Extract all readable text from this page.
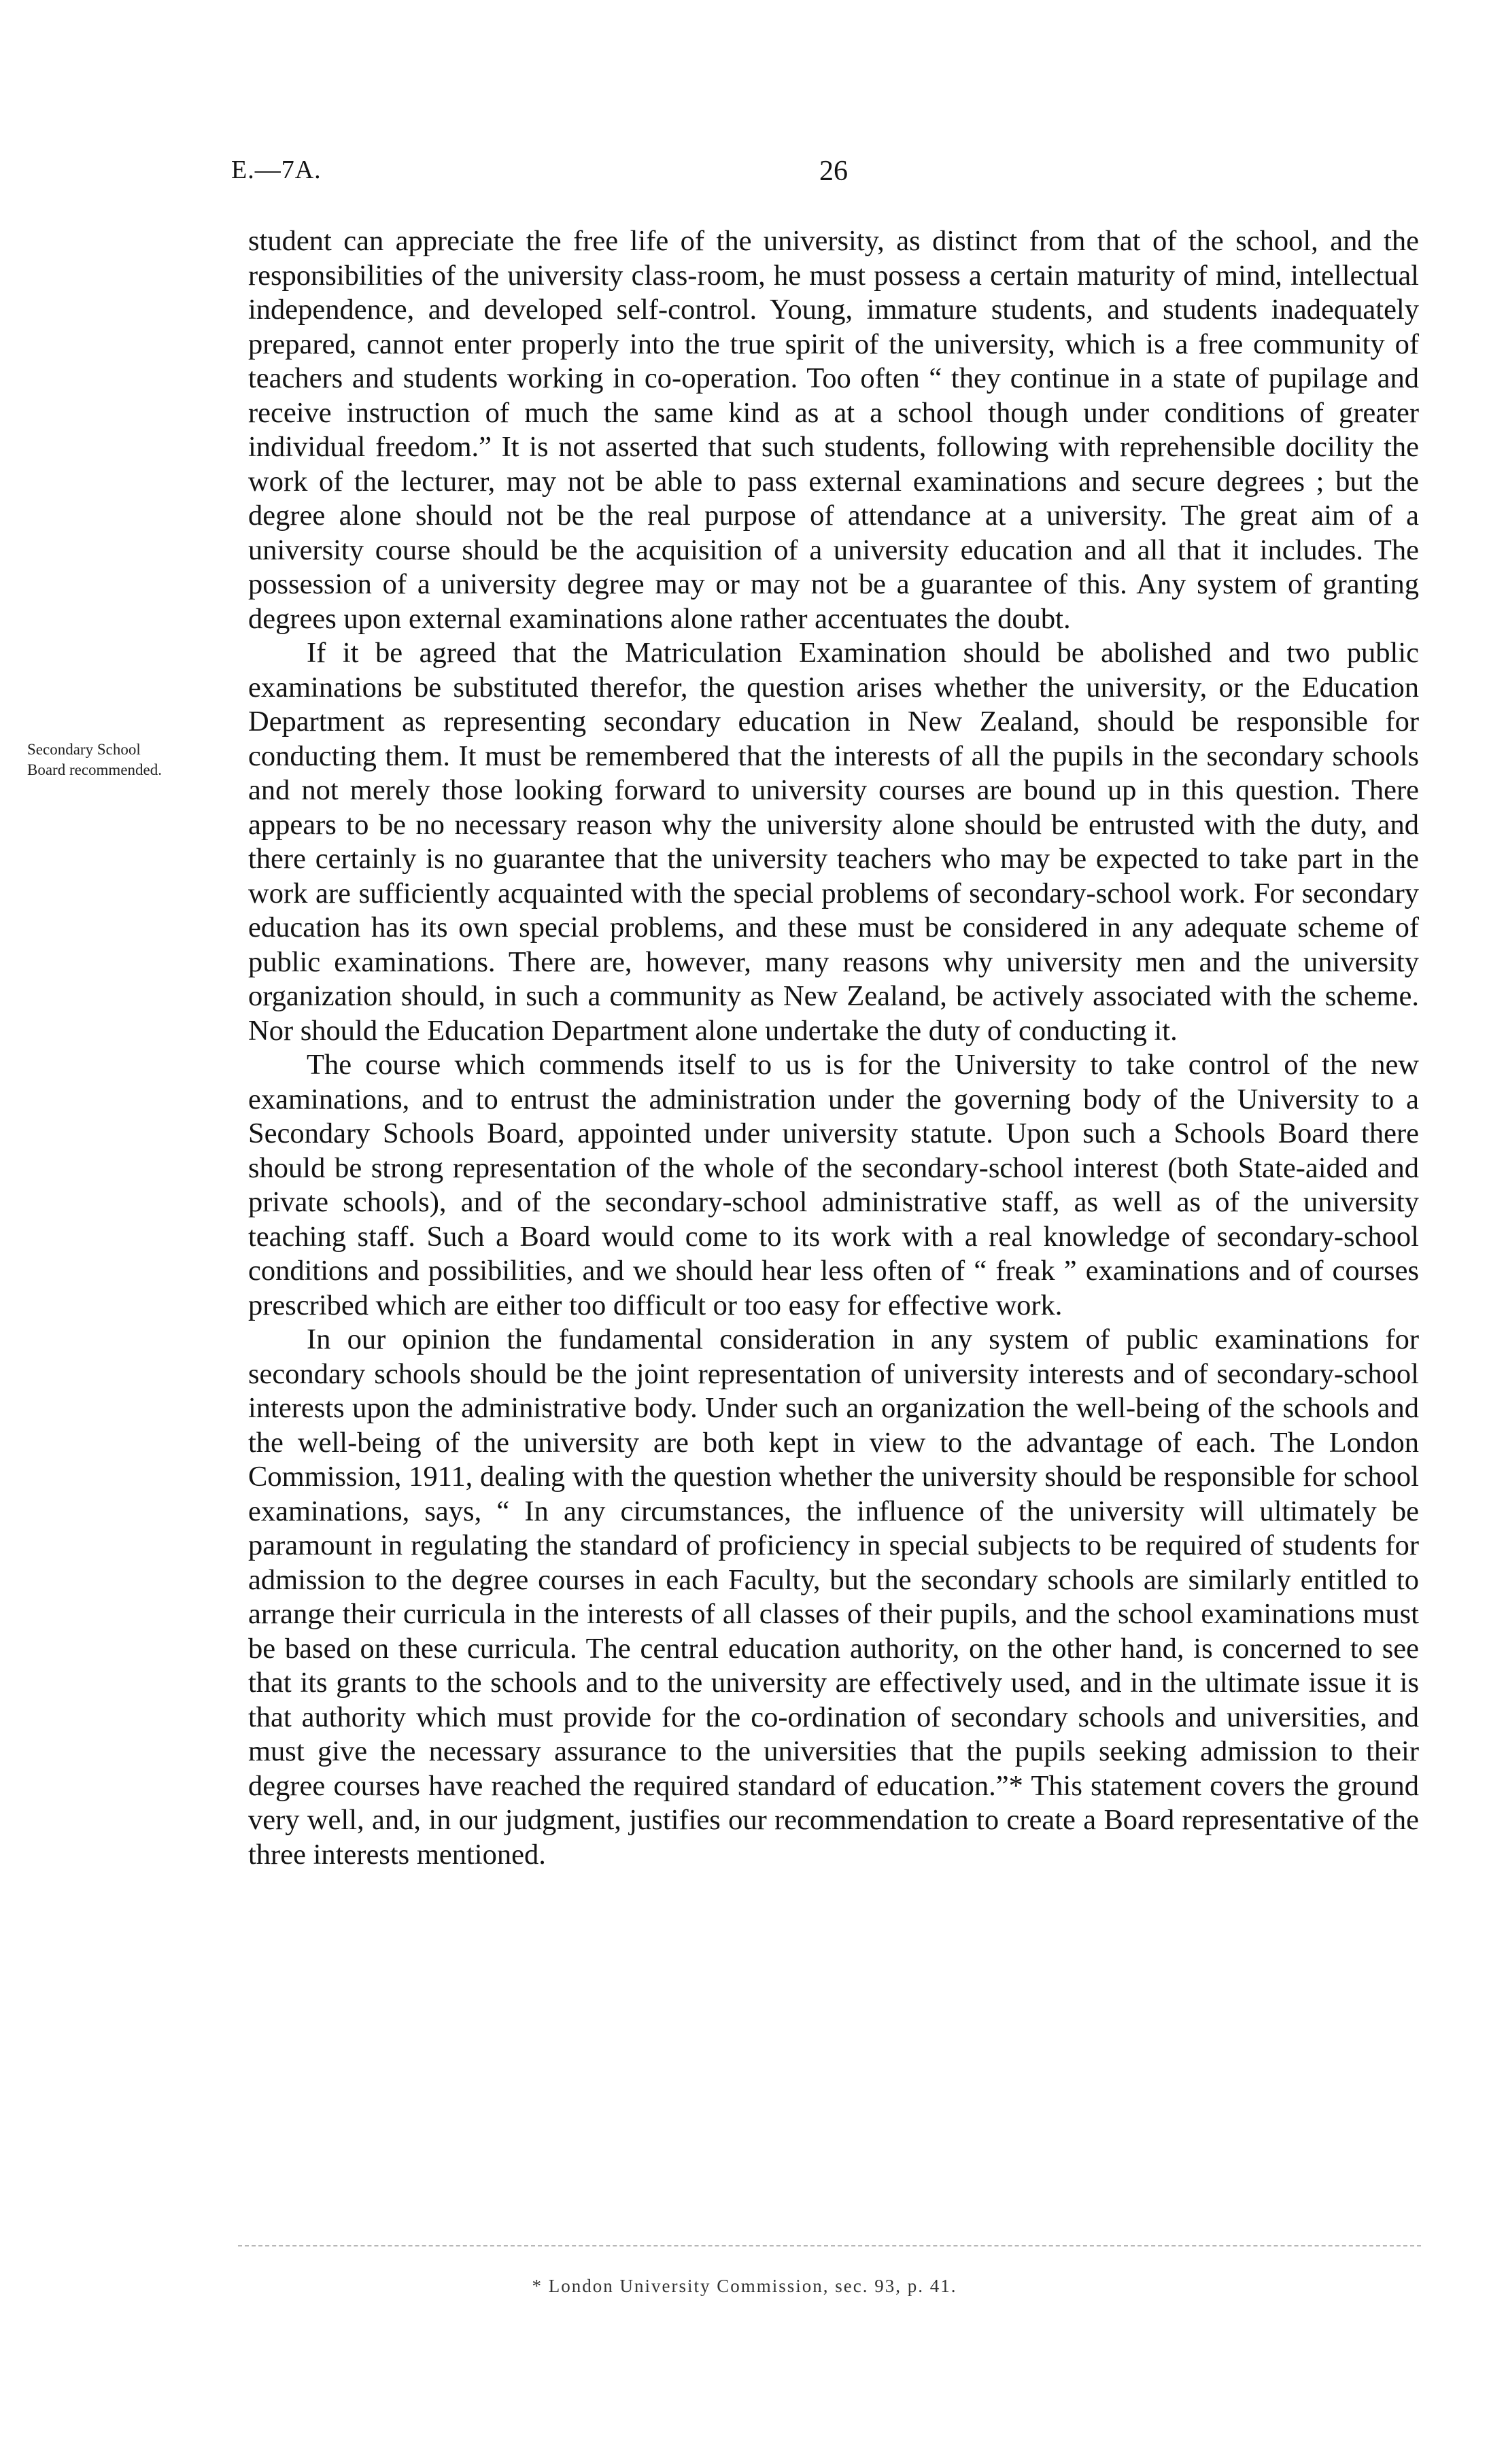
E.—7A.	26
Secondary School
Board recommended.

student can appreciate the free life of the university, as distinct from that of the school, and the responsibilities of the university class-room, he must possess a certain maturity of mind, intellectual independence, and developed self-control. Young, immature students, and students inadequately prepared, cannot enter properly into the true spirit of the university, which is a free community of teachers and students working in co-operation. Too often “ they continue in a state of pupilage and receive instruction of much the same kind as at a school though under conditions of greater individual freedom.” It is not asserted that such students, following with reprehensible docility the work of the lecturer, may not be able to pass external examinations and secure degrees ; but the degree alone should not be the real purpose of attendance at a university. The great aim of a university course should be the acquisition of a university education and all that it includes. The possession of a university degree may or may not be a guarantee of this. Any system of granting degrees upon external examinations alone rather accentuates the doubt.

If it be agreed that the Matriculation Examination should be abolished and two public examinations be substituted therefor, the question arises whether the university, or the Education Department as representing secondary education in New Zealand, should be responsible for conducting them. It must be remembered that the interests of all the pupils in the secondary schools and not merely those looking forward to university courses are bound up in this question. There appears to be no necessary reason why the university alone should be entrusted with the duty, and there certainly is no guarantee that the university teachers who may be expected to take part in the work are sufficiently acquainted with the special problems of secondary-school work. For secondary education has its own special problems, and these must be considered in any adequate scheme of public examinations. There are, however, many reasons why university men and the university organization should, in such a community as New Zealand, be actively associated with the scheme. Nor should the Education Department alone undertake the duty of conducting it.

The course which commends itself to us is for the University to take control of the new examinations, and to entrust the administration under the governing body of the University to a Secondary Schools Board, appointed under university statute. Upon such a Schools Board there should be strong representation of the whole of the secondary-school interest (both State-aided and private schools), and of the secondary-school administrative staff, as well as of the university teaching staff. Such a Board would come to its work with a real knowledge of secondary-school conditions and possibilities, and we should hear less often of “ freak ” examinations and of courses prescribed which are either too difficult or too easy for effective work.

In our opinion the fundamental consideration in any system of public examinations for secondary schools should be the joint representation of university interests and of secondary-school interests upon the administrative body. Under such an organization the well-being of the schools and the well-being of the university are both kept in view to the advantage of each. The London Commission, 1911, dealing with the question whether the university should be responsible for school examinations, says, “ In any circumstances, the influence of the university will ultimately be paramount in regulating the standard of proficiency in special subjects to be required of students for admission to the degree courses in each Faculty, but the secondary schools are similarly entitled to arrange their curricula in the interests of all classes of their pupils, and the school examinations must be based on these curricula. The central education authority, on the other hand, is concerned to see that its grants to the schools and to the university are effectively used, and in the ultimate issue it is that authority which must provide for the co-ordination of secondary schools and universities, and must give the necessary assurance to the universities that the pupils seeking admission to their degree courses have reached the required standard of education.”* This statement covers the ground very well, and, in our judgment, justifies our recommendation to create a Board representative of the three interests mentioned.

* London University Commission, sec. 93, p. 41.
